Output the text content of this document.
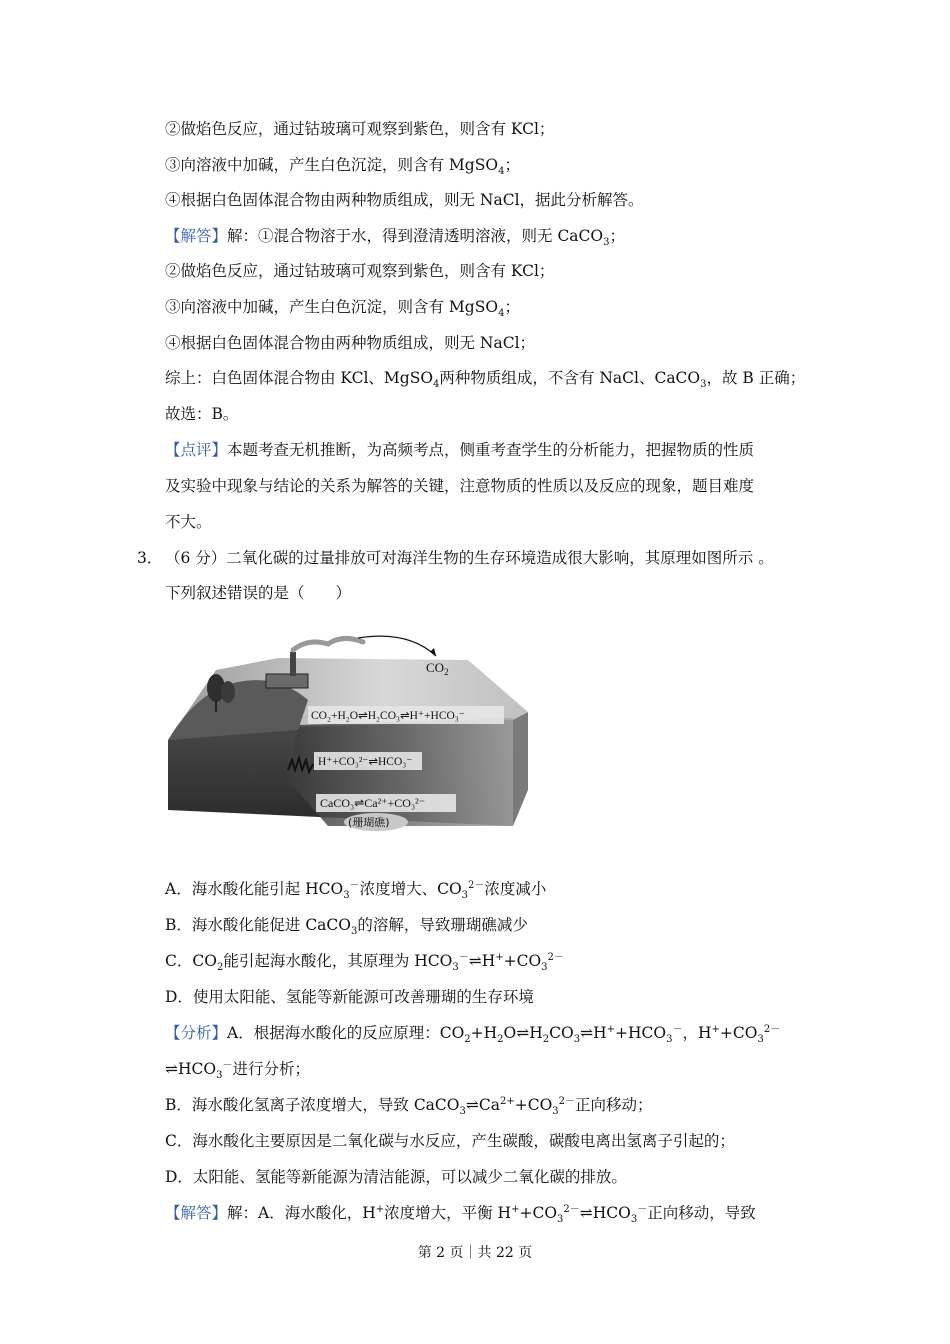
②做焰色反应，通过钴玻璃可观察到紫色，则含有 KCl；
③向溶液中加碱，产生白色沉淀，则含有 MgSO$_4$；
④根据白色固体混合物由两种物质组成，则无 NaCl，据此分析解答。
【解答】解：①混合物溶于水，得到澄清透明溶液，则无 CaCO$_3$；
②做焰色反应，通过钴玻璃可观察到紫色，则含有 KCl；
③向溶液中加碱，产生白色沉淀，则含有 MgSO$_4$；
④根据白色固体混合物由两种物质组成，则无 NaCl；
综上：白色固体混合物由 KCl、MgSO$_4$两种物质组成，不含有 NaCl、CaCO$_3$，故 B 正确；
故选：B。
【点评】本题考查无机推断，为高频考点，侧重考查学生的分析能力，把握物质的性质
及实验中现象与结论的关系为解答的关键，注意物质的性质以及反应的现象，题目难度
不大。
3． （6 分）二氧化碳的过量排放可对海洋生物的生存环境造成很大影响，其原理如图所示 。
下列叙述错误的是（　　）
$CO_2$
CO₂+H₂O⇌H₂CO₃⇌H⁺+HCO₃⁻
H⁺+CO₃²⁻⇌HCO₃⁻
CaCO₃⇌Ca²⁺+CO₃²⁻
(珊瑚礁)
A．海水酸化能引起 $HCO_3^-$浓度增大、$CO_3^{2-}$浓度减小
B．海水酸化能促进 CaCO$_3$的溶解，导致珊瑚礁减少
C．$CO_2$能引起海水酸化，其原理为 $HCO_3^-\rightleftharpoons H^++CO_3^{2-}$
D．使用太阳能、氢能等新能源可改善珊瑚的生存环境
【分析】A．根据海水酸化的反应原理：$CO_2+H_2O\rightleftharpoons H_2CO_3\rightleftharpoons H^++HCO_3^-$，$H^++CO_3^{2-}$
$\rightleftharpoons HCO_3^-$进行分析；
B．海水酸化氢离子浓度增大，导致 $CaCO_3\rightleftharpoons Ca^{2+}+CO_3^{2-}$正向移动；
C．海水酸化主要原因是二氧化碳与水反应，产生碳酸，碳酸电离出氢离子引起的；
D．太阳能、氢能等新能源为清洁能源，可以减少二氧化碳的排放。
【解答】解：A．海水酸化，H+浓度增大，平衡 $H^++CO_3^{2-}\rightleftharpoons HCO_3^-$正向移动，导致
第 2 页｜共 22 页
